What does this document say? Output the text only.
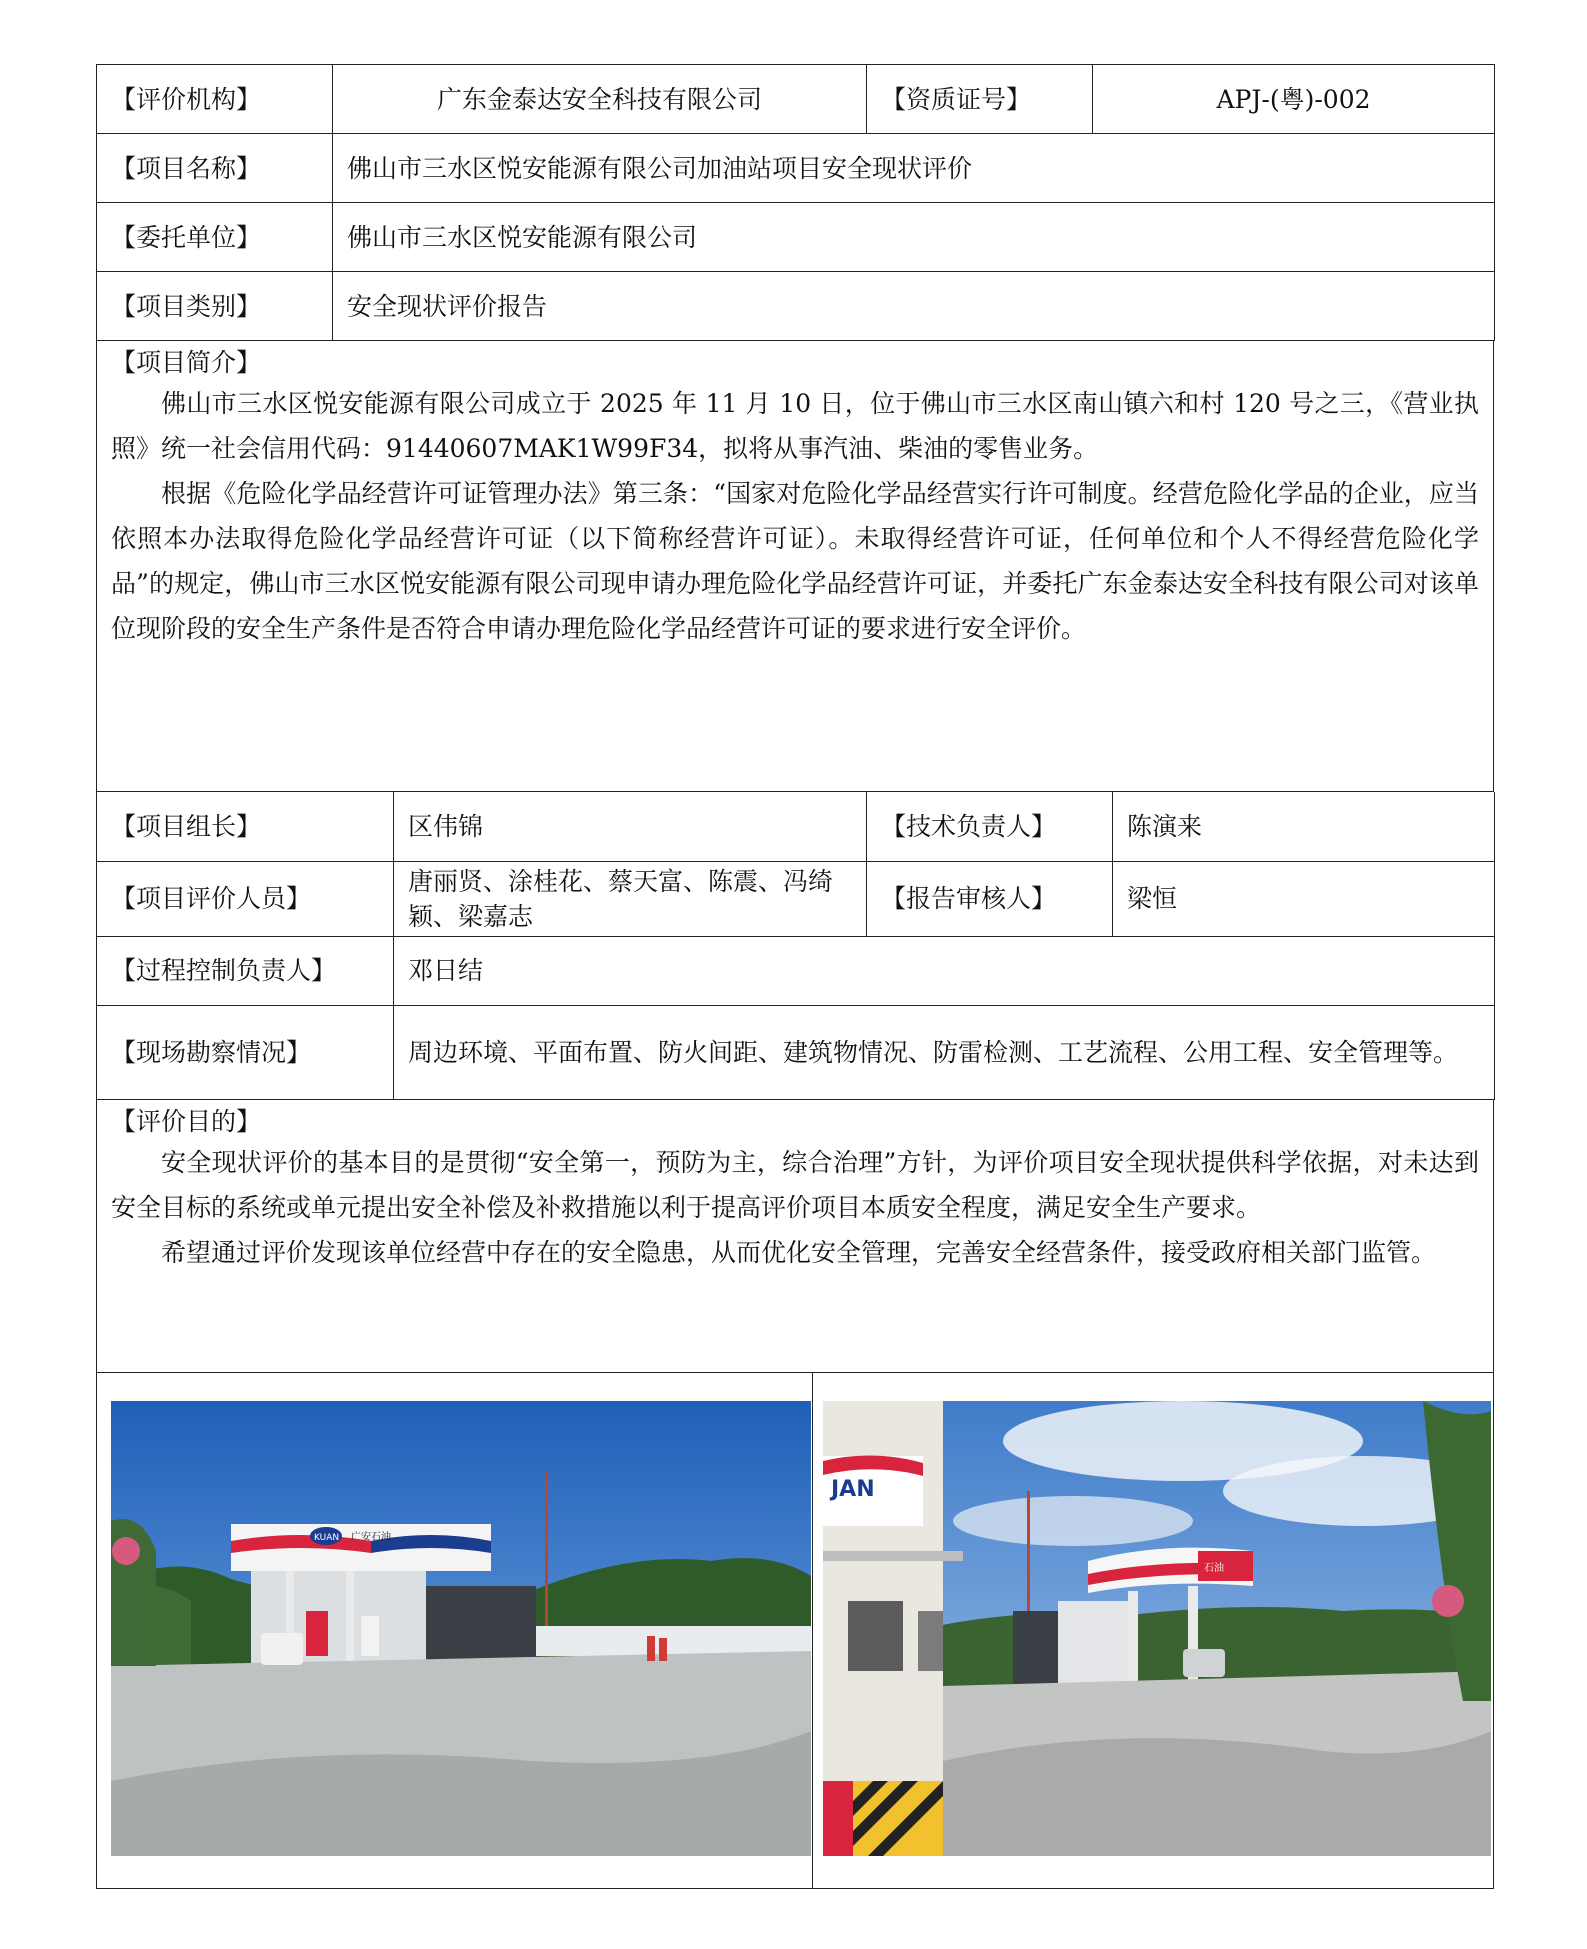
【评价机构】	广东金泰达安全科技有限公司	【资质证号】	APJ-(粤)-002
【项目名称】	佛山市三水区悦安能源有限公司加油站项目安全现状评价		
【委托单位】	佛山市三水区悦安能源有限公司		
【项目类别】	安全现状评价报告		
【项目简介】

佛山市三水区悦安能源有限公司成立于 2025 年 11 月 10 日，位于佛山市三水区南山镇六和村 120 号之三，《营业执照》统一社会信用代码：91440607MAK1W99F34，拟将从事汽油、柴油的零售业务。

根据《危险化学品经营许可证管理办法》第三条：“国家对危险化学品经营实行许可制度。经营危险化学品的企业，应当依照本办法取得危险化学品经营许可证（以下简称经营许可证）。未取得经营许可证，任何单位和个人不得经营危险化学品”的规定，佛山市三水区悦安能源有限公司现申请办理危险化学品经营许可证，并委托广东金泰达安全科技有限公司对该单位现阶段的安全生产条件是否符合申请办理危险化学品经营许可证的要求进行安全评价。

【项目组长】	区伟锦	【技术负责人】	陈演来
【项目评价人员】	唐丽贤、涂桂花、蔡天富、陈震、冯绮颖、梁嘉志	【报告审核人】	梁恒
【过程控制负责人】	邓日结		
【现场勘察情况】	周边环境、平面布置、防火间距、建筑物情况、防雷检测、工艺流程、公用工程、安全管理等。		
【评价目的】

安全现状评价的基本目的是贯彻“安全第一，预防为主，综合治理”方针，为评价项目安全现状提供科学依据，对未达到安全目标的系统或单元提出安全补偿及补救措施以利于提高评价项目本质安全程度，满足安全生产要求。

希望通过评价发现该单位经营中存在的安全隐患，从而优化安全管理，完善安全经营条件，接受政府相关部门监管。

KUAN 广安石油
石油
JAN
